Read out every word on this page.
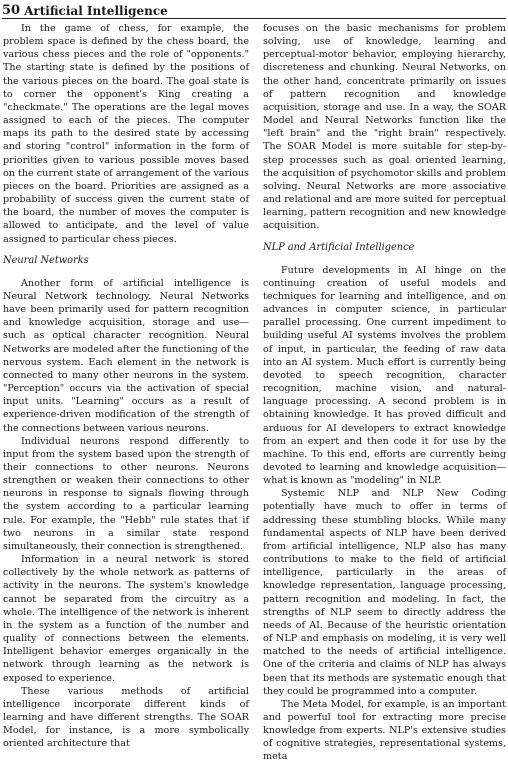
50 Artificial Intelligence

In the game of chess, for example, the problem space is defined by the chess board, the various chess pieces and the role of "opponents." The starting state is defined by the positions of the various pieces on the board. The goal state is to corner the opponent's King creating a "checkmate." The operations are the legal moves assigned to each of the pieces. The computer maps its path to the desired state by accessing and storing "control" information in the form of priorities given to various possible moves based on the current state of arrangement of the various pieces on the board. Priorities are assigned as a probability of success given the current state of the board, the number of moves the computer is allowed to anticipate, and the level of value assigned to particular chess pieces.

Neural Networks

Another form of artificial intelligence is Neural Network technology. Neural Networks have been primarily used for pattern recognition and knowledge acquisition, storage and use—such as optical character recognition. Neural Networks are modeled after the functioning of the nervous system. Each element in the network is connected to many other neurons in the system. "Perception" occurs via the activation of special input units. "Learning" occurs as a result of experience-driven modification of the strength of the connections between various neurons.

Individual neurons respond differently to input from the system based upon the strength of their connections to other neurons. Neurons strengthen or weaken their connections to other neurons in response to signals flowing through the system according to a particular learning rule. For example, the "Hebb" rule states that if two neurons in a similar state respond simultaneously, their connection is strengthened.

Information in a neural network is stored collectively by the whole network as patterns of activity in the neurons. The system's knowledge cannot be separated from the circuitry as a whole. The intelligence of the network is inherent in the system as a function of the number and quality of connections between the elements. Intelligent behavior emerges organically in the network through learning as the network is exposed to experience.

These various methods of artificial intelligence incorporate different kinds of learning and have different strengths. The SOAR Model, for instance, is a more symbolically oriented architecture that

focuses on the basic mechanisms for problem solving, use of knowledge, learning and perceptual-motor behavior, employing hierarchy, discreteness and chunking. Neural Networks, on the other hand, concentrate primarily on issues of pattern recognition and knowledge acquisition, storage and use. In a way, the SOAR Model and Neural Networks function like the "left brain" and the "right brain" respectively. The SOAR Model is more suitable for step-by-step processes such as goal oriented learning, the acquisition of psychomotor skills and problem solving. Neural Networks are more associative and relational and are more suited for perceptual learning, pattern recognition and new knowledge acquisition.

NLP and Artificial Intelligence

Future developments in AI hinge on the continuing creation of useful models and techniques for learning and intelligence, and on advances in computer science, in particular parallel processing. One current impediment to building useful AI systems involves the problem of input, in particular, the feeding of raw data into an AI system. Much effort is currently being devoted to speech recognition, character recognition, machine vision, and natural-language processing. A second problem is in obtaining knowledge. It has proved difficult and arduous for AI developers to extract knowledge from an expert and then code it for use by the machine. To this end, efforts are currently being devoted to learning and knowledge acquisition—what is known as "modeling" in NLP.

Systemic NLP and NLP New Coding potentially have much to offer in terms of addressing these stumbling blocks. While many fundamental aspects of NLP have been derived from artificial intelligence, NLP also has many contributions to make to the field of artificial intelligence, particularly in the areas of knowledge representation, language processing, pattern recognition and modeling. In fact, the strengths of NLP seem to directly address the needs of AI. Because of the heuristic orientation of NLP and emphasis on modeling, it is very well matched to the needs of artificial intelligence. One of the criteria and claims of NLP has always been that its methods are systematic enough that they could be programmed into a computer.

The Meta Model, for example, is an important and powerful tool for extracting more precise knowledge from experts. NLP's extensive studies of cognitive strategies, representational systems, meta
